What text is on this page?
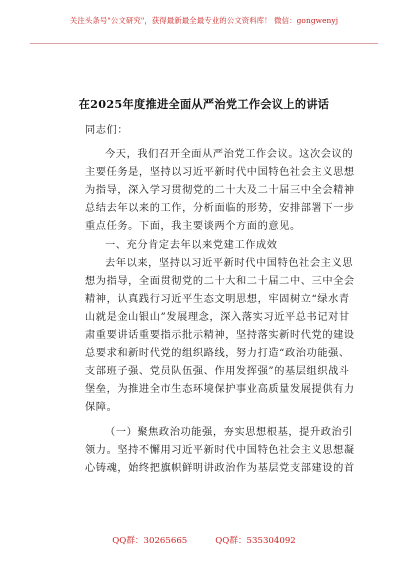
关注头条号"公文研究"，获得最新最全最专业的公文资料库！ 微信：gongwenyj
在2025年度推进全面从严治党工作会议上的讲话
同志们：
今天，我们召开全面从严治党工作会议。这次会议的
主要任务是，坚持以习近平新时代中国特色社会主义思想
为指导，深入学习贯彻党的二十大及二十届三中全会精神
总结去年以来的工作，分析面临的形势，安排部署下一步
重点任务。下面，我主要谈两个方面的意见。
一、充分肯定去年以来党建工作成效
去年以来，坚持以习近平新时代中国特色社会主义思
想为指导，全面贯彻党的二十大和二十届二中、三中全会
精神，认真践行习近平生态文明思想，牢固树立“绿水青
山就是金山银山”发展理念，深入落实习近平总书记对甘
肃重要讲话重要指示批示精神，坚持落实新时代党的建设
总要求和新时代党的组织路线，努力打造“政治功能强、
支部班子强、党员队伍强、作用发挥强”的基层组织战斗
堡垒，为推进全市生态环境保护事业高质量发展提供有力
保障。
（一）聚焦政治功能强，夯实思想根基，提升政治引
领力。坚持不懈用习近平新时代中国特色社会主义思想凝
心铸魂，始终把旗帜鲜明讲政治作为基层党支部建设的首
QQ群：30265665	QQ群：535304092
